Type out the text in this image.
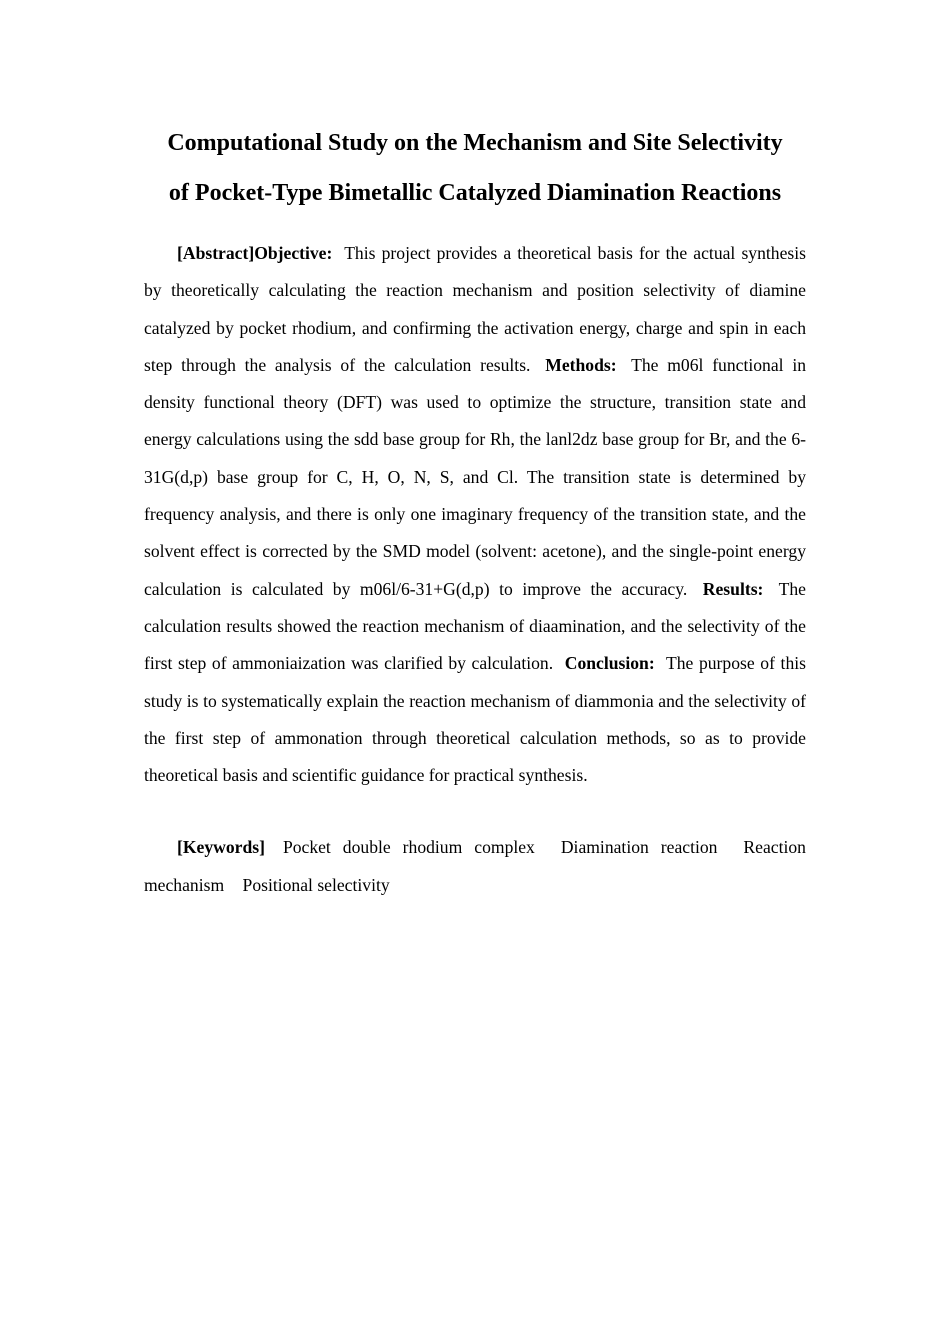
Computational Study on the Mechanism and Site Selectivity
of Pocket-Type Bimetallic Catalyzed Diamination Reactions

[Abstract]Objective: This project provides a theoretical basis for the actual synthesis by theoretically calculating the reaction mechanism and position selectivity of diamine catalyzed by pocket rhodium, and confirming the activation energy, charge and spin in each step through the analysis of the calculation results. Methods: The m06l functional in density functional theory (DFT) was used to optimize the structure, transition state and energy calculations using the sdd base group for Rh, the lanl2dz base group for Br, and the 6-31G(d,p) base group for C, H, O, N, S, and Cl. The transition state is determined by frequency analysis, and there is only one imaginary frequency of the transition state, and the solvent effect is corrected by the SMD model (solvent: acetone), and the single-point energy calculation is calculated by m06l/6-31+G(d,p) to improve the accuracy. Results: The calculation results showed the reaction mechanism of diaamination, and the selectivity of the first step of ammoniaization was clarified by calculation. Conclusion: The purpose of this study is to systematically explain the reaction mechanism of diammonia and the selectivity of the first step of ammonation through theoretical calculation methods, so as to provide theoretical basis and scientific guidance for practical synthesis.

[Keywords] Pocket double rhodium complex Diamination reaction Reaction mechanism Positional selectivity
